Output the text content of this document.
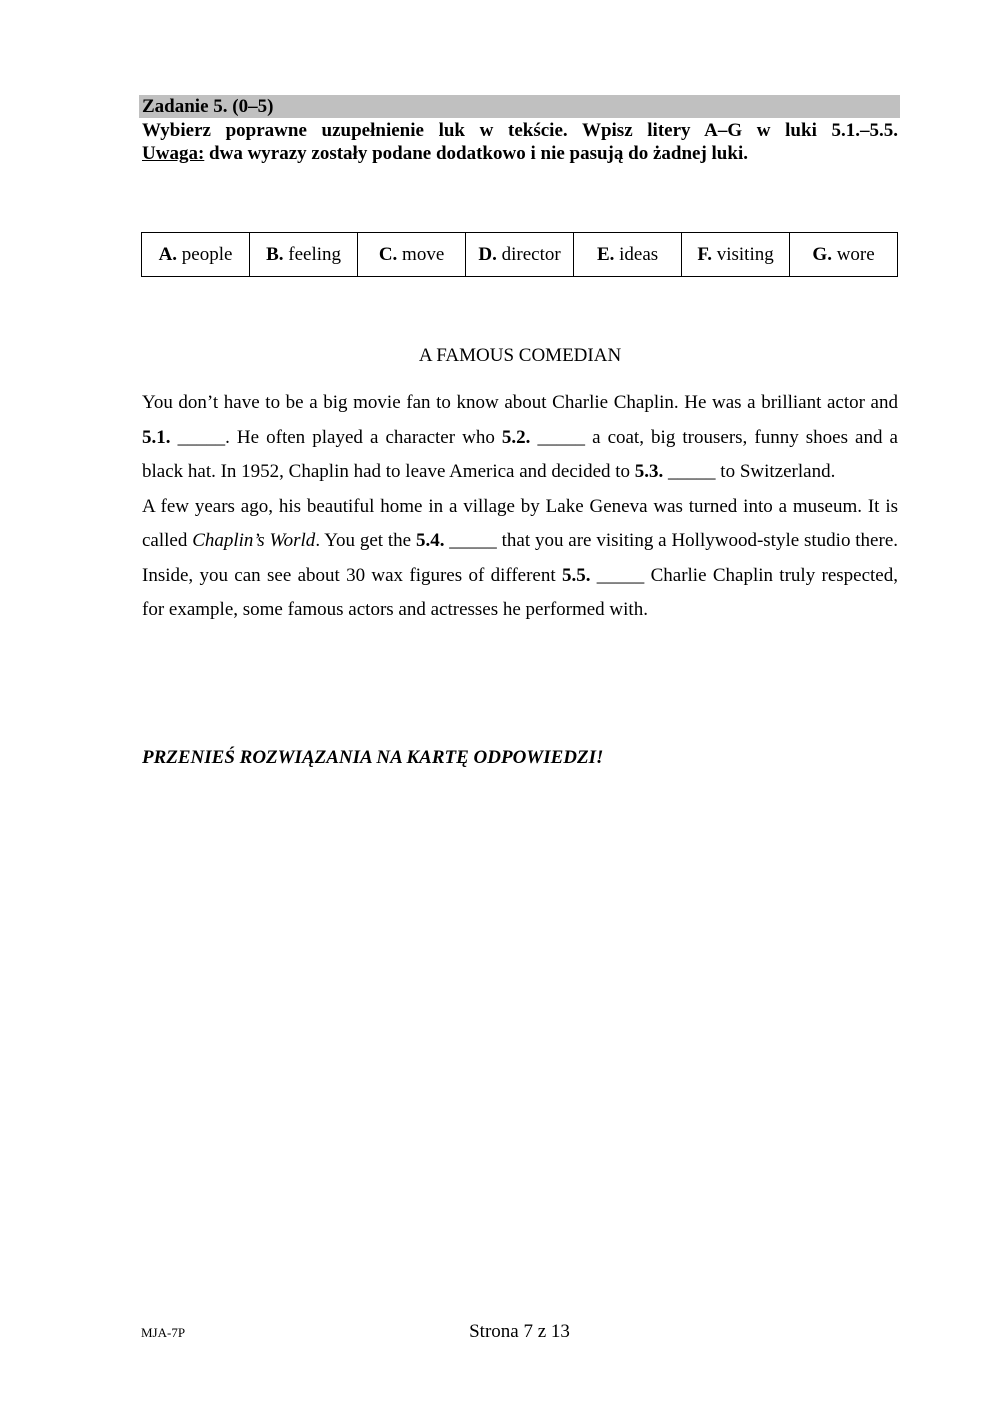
Zadanie 5. (0–5)
Wybierz poprawne uzupełnienie luk w tekście. Wpisz litery A–G w luki 5.1.–5.5.
Uwaga: dwa wyrazy zostały podane dodatkowo i nie pasują do żadnej luki.
A. people	B. feeling	C. move	D. director	E. ideas	F. visiting	G. wore
A FAMOUS COMEDIAN

You don’t have to be a big movie fan to know about Charlie Chaplin. He was a brilliant actor and 5.1. _____. He often played a character who 5.2. _____ a coat, big trousers, funny shoes and a black hat. In 1952, Chaplin had to leave America and decided to 5.3. _____ to Switzerland.

A few years ago, his beautiful home in a village by Lake Geneva was turned into a museum. It is called Chaplin’s World. You get the 5.4. _____ that you are visiting a Hollywood-style studio there. Inside, you can see about 30 wax figures of different 5.5. _____ Charlie Chaplin truly respected, for example, some famous actors and actresses he performed with.

PRZENIEŚ ROZWIĄZANIA NA KARTĘ ODPOWIEDZI!
MJA-7P	Strona 7 z 13
